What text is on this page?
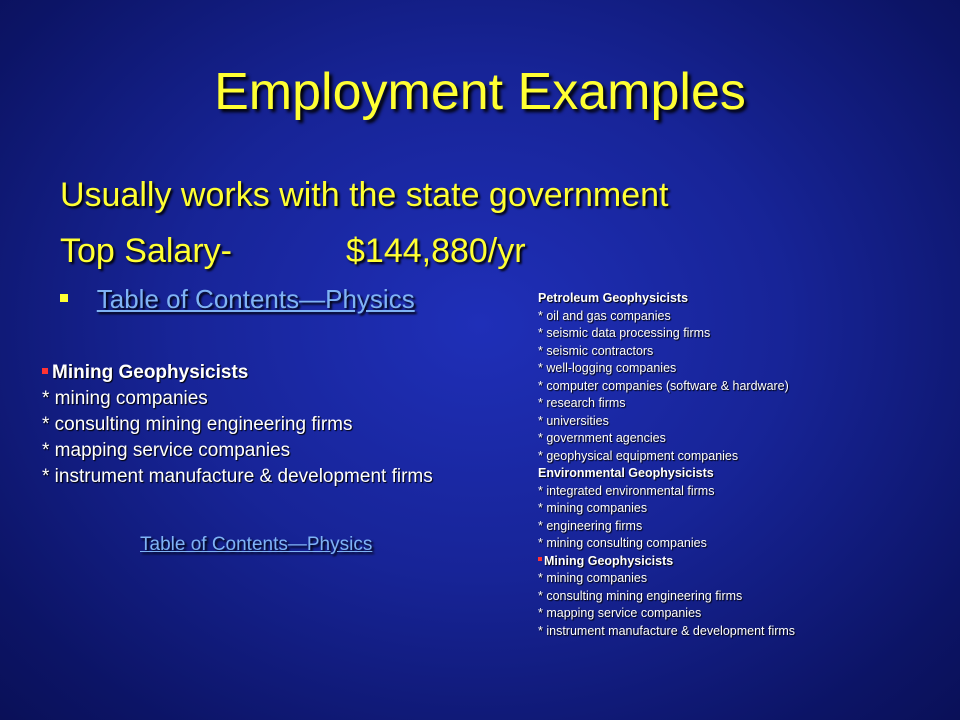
Employment Examples
Usually works with the state government
Top Salary-	$144,880/yr
Table of Contents—Physics
Mining Geophysicists
* mining companies
* consulting mining engineering firms
* mapping service companies
* instrument manufacture & development firms
Table of Contents—Physics
Petroleum Geophysicists
* oil and gas companies
* seismic data processing firms
* seismic contractors
* well-logging companies
* computer companies (software & hardware)
* research firms
* universities
* government agencies
* geophysical equipment companies
Environmental Geophysicists
* integrated environmental firms
* mining companies
* engineering firms
* mining consulting companies
Mining Geophysicists
* mining companies
* consulting mining engineering firms
* mapping service companies
* instrument manufacture & development firms
